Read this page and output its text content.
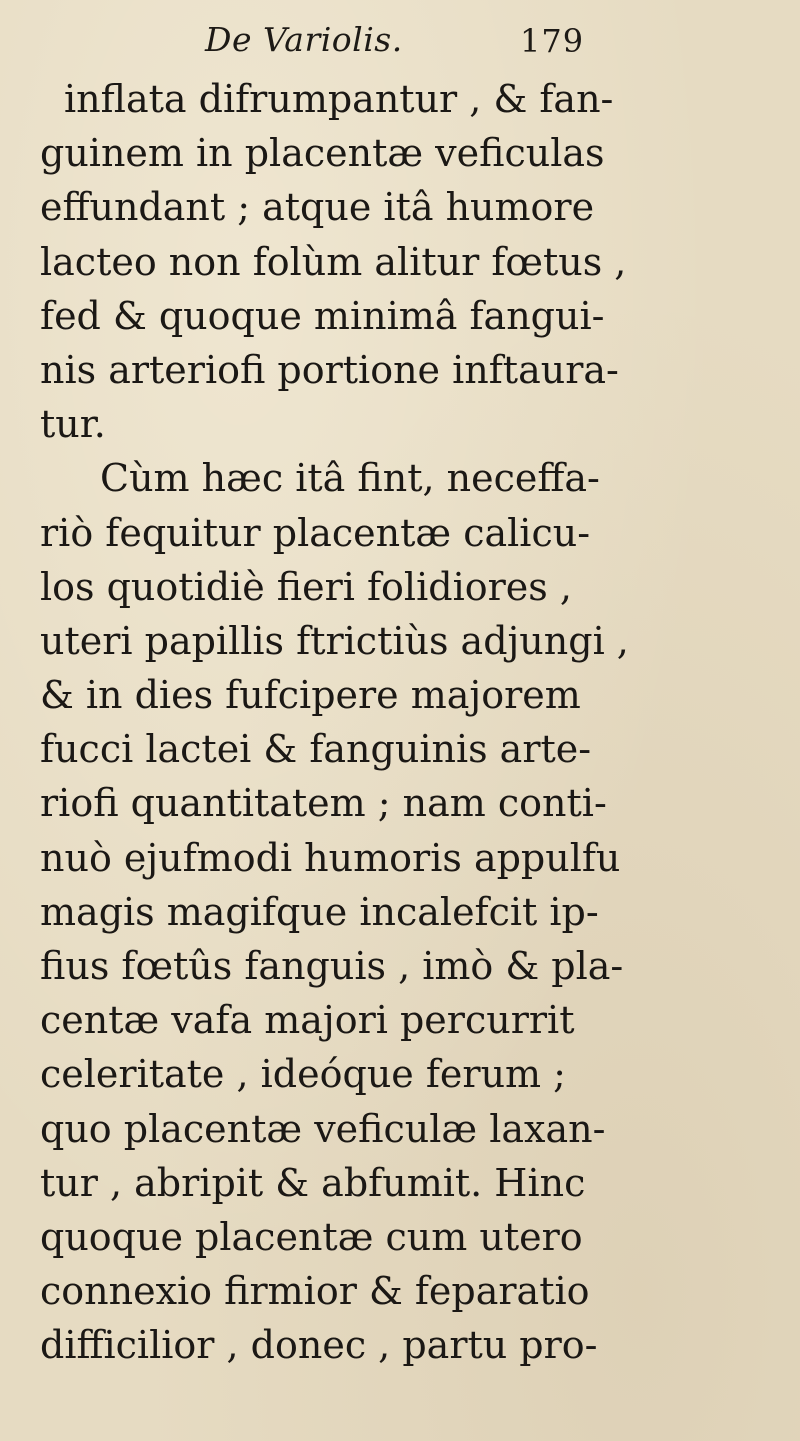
De Variolis.	179
inflata difrumpantur , & fan-
guinem in placentæ veficulas
effundant ; atque itâ humore
lacteo non folùm alitur fœtus ,
fed & quoque minimâ fangui-
nis arteriofi portione inftaura-
tur.
Cùm hæc itâ fint, neceffa-
riò fequitur placentæ calicu-
los quotidiè fieri folidiores ,
uteri papillis ftrictiùs adjungi ,
& in dies fufcipere majorem
fucci lactei & fanguinis arte-
riofi quantitatem ; nam conti-
nuò ejufmodi humoris appulfu
magis magifque incalefcit ip-
fius fœtûs fanguis , imò & pla-
centæ vafa majori percurrit
celeritate , ideóque ferum ;
quo placentæ veficulæ laxan-
tur , abripit & abfumit. Hinc
quoque placentæ cum utero
connexio firmior & feparatio
difficilior , donec , partu pro-
